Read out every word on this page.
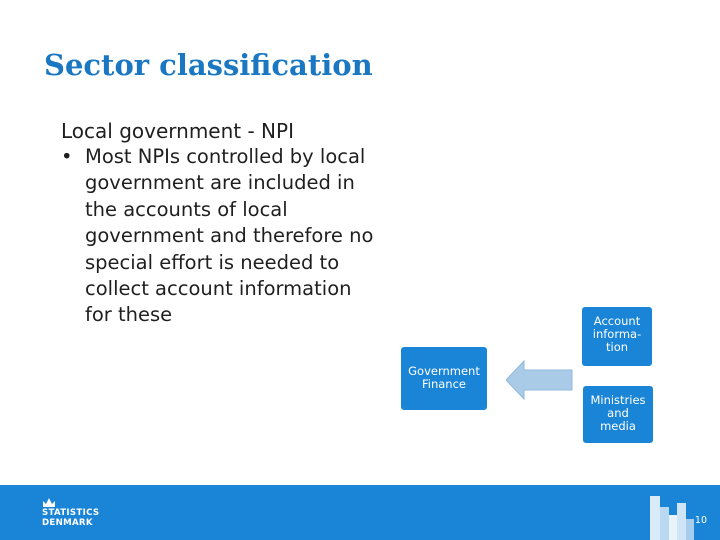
Sector classification
Local government - NPI
• Most NPIs controlled by local government are included in the accounts of local government and therefore no special effort is needed to collect account information for these	Account informa-tion
Government Finance
Ministries and media
STATISTICS
DENMARK	10
